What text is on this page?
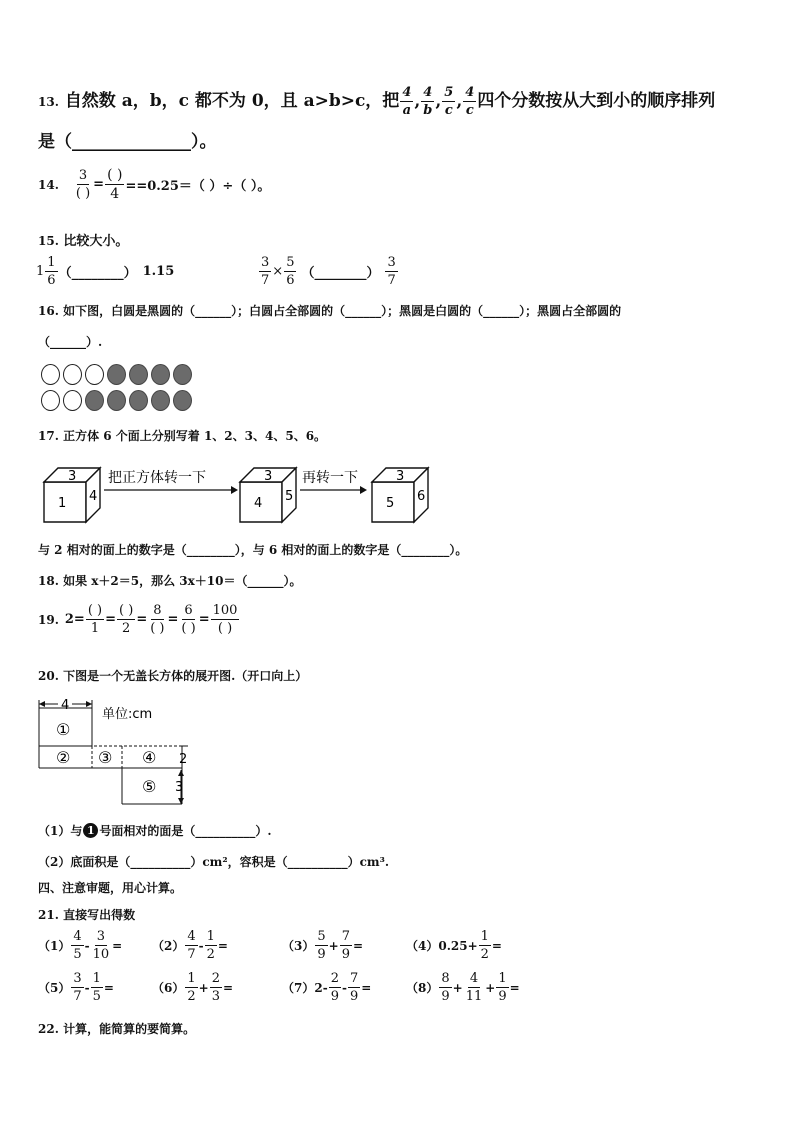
13. 自然数 a，b，c 都不为 0，且 a>b>c，把 $\frac{4}{a}$ , $\frac{4}{b}$ , $\frac{5}{c}$ , $\frac{4}{c}$ 四个分数按从大到小的顺序排列
是（______________）。
14. $\frac{3}{( )} = \frac{( )}{4} ==0.25=$（ ）÷（ ）。
15. 比较大小。
$1 \frac{1}{6}$ （________） 1.15	$\frac{3}{7} \times \frac{5}{6}$ （________） $\frac{3}{7}$
16. 如下图，白圆是黑圆的（______）；白圆占全部圆的（______）；黑圆是白圆的（______）；黑圆占全部圆的
（______）.
17. 正方体 6 个面上分别写着 1、2、3、4、5、6。
3
1 4
把正方体转一下	3
4 5
再转一下	3
5 6
与 2 相对的面上的数字是（________），与 6 相对的面上的数字是（________）。
18. 如果 x＋2＝5，那么 3x＋10＝（______）。
19. $2= \frac{( )}{1} = \frac{( )}{2} = \frac{8}{( )} = \frac{6}{( )} = \frac{100}{( )}$
20. 下图是一个无盖长方体的展开图.（开口向上）
4
单位:cm
①
② ③ ④
⑤
2
3
（1）与 1 号面相对的面是（__________）.
（2）底面积是（__________）cm²，容积是（__________）cm³.
四、注意审题，用心计算。
21. 直接写出得数
$(1) \frac{4}{5} - \frac{3}{10} = (2) \frac{4}{7} - \frac{1}{2}$ =	$(3) \frac{5}{9} + \frac{7}{9}$ =	（4） $0.25+ \frac{1}{2}$ =
$(5) \frac{3}{7} - \frac{1}{5}$ =	$(6) \frac{1}{2} + \frac{2}{3}$ =	（7） $2- \frac{2}{9} - \frac{7}{9}$ =	$(8) \frac{8}{9} + \frac{4}{11} + \frac{1}{9}$ =
22. 计算，能简算的要简算。
